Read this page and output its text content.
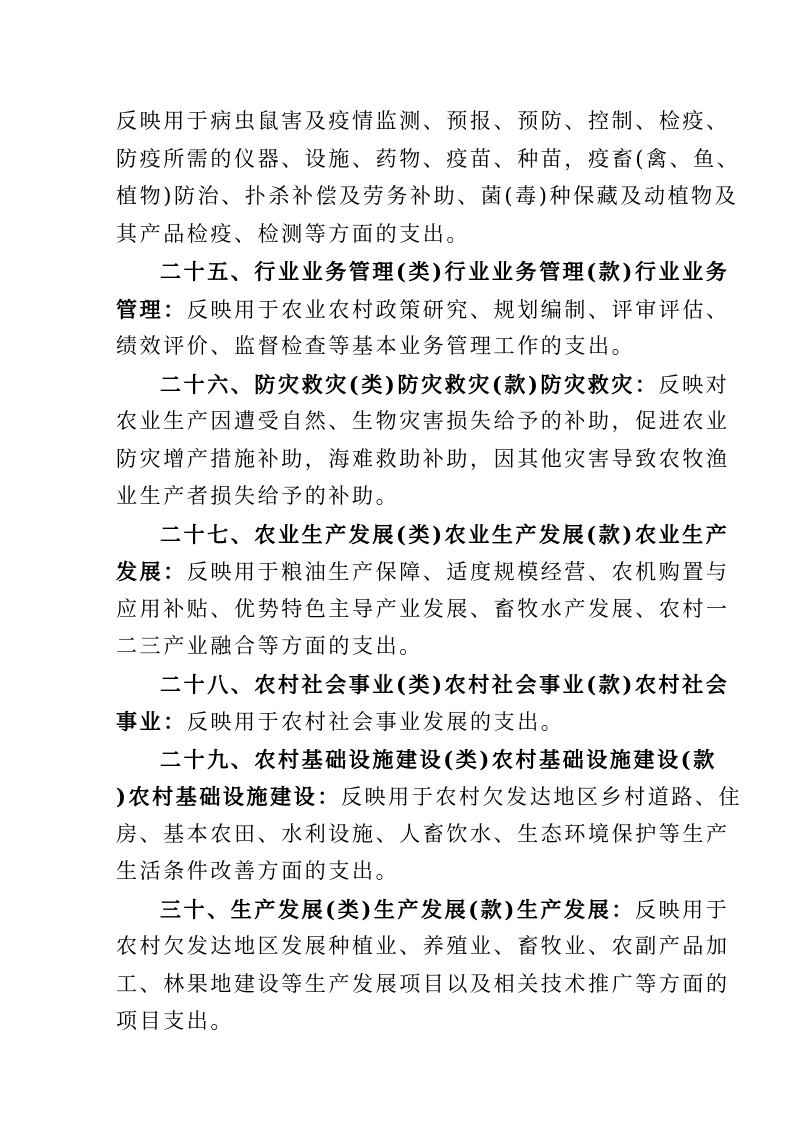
反映用于病虫鼠害及疫情监测、预报、预防、控制、检疫、
防疫所需的仪器、设施、药物、疫苗、种苗，疫畜(禽、鱼、
植物)防治、扑杀补偿及劳务补助、菌(毒)种保藏及动植物及
其产品检疫、检测等方面的支出。
二十五、行业业务管理(类)行业业务管理(款)行业业务
管理：反映用于农业农村政策研究、规划编制、评审评估、
绩效评价、监督检查等基本业务管理工作的支出。
二十六、防灾救灾(类)防灾救灾(款)防灾救灾：反映对
农业生产因遭受自然、生物灾害损失给予的补助，促进农业
防灾增产措施补助，海难救助补助，因其他灾害导致农牧渔
业生产者损失给予的补助。
二十七、农业生产发展(类)农业生产发展(款)农业生产
发展：反映用于粮油生产保障、适度规模经营、农机购置与
应用补贴、优势特色主导产业发展、畜牧水产发展、农村一
二三产业融合等方面的支出。
二十八、农村社会事业(类)农村社会事业(款)农村社会
事业：反映用于农村社会事业发展的支出。
二十九、农村基础设施建设(类)农村基础设施建设(款
)农村基础设施建设：反映用于农村欠发达地区乡村道路、住
房、基本农田、水利设施、人畜饮水、生态环境保护等生产
生活条件改善方面的支出。
三十、生产发展(类)生产发展(款)生产发展：反映用于
农村欠发达地区发展种植业、养殖业、畜牧业、农副产品加
工、林果地建设等生产发展项目以及相关技术推广等方面的
项目支出。
